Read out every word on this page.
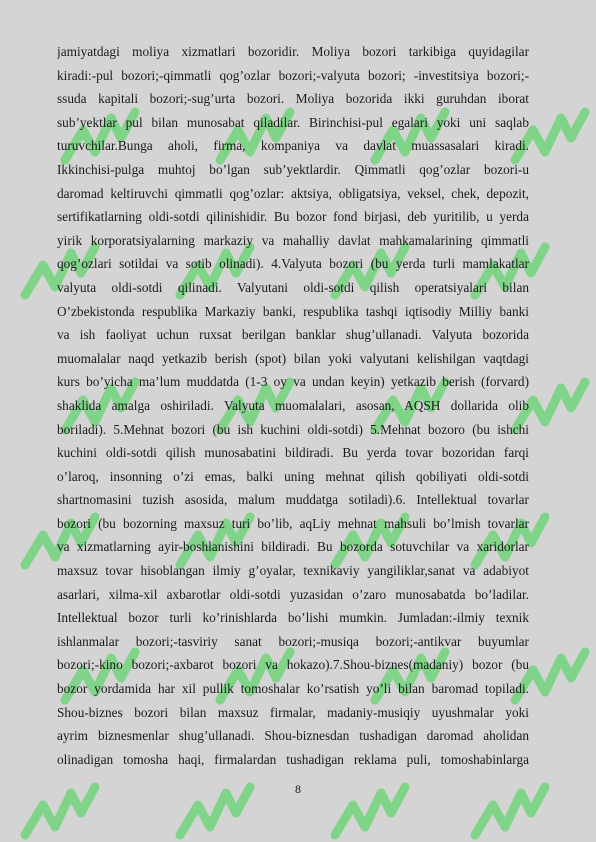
jamiyatdagi moliya xizmatlari bozoridir. Moliya bozori tarkibiga quyidagilar
kiradi:-pul bozori;-qimmatli qog’ozlar bozori;-valyuta bozori; -investitsiya bozori;-
ssuda kapitali bozori;-sug’urta bozori. Moliya bozorida ikki guruhdan iborat
sub’yektlar pul bilan munosabat qiladilar. Birinchisi-pul egalari yoki uni saqlab
turuvchilar.Bunga aholi, firma, kompaniya va davlat muassasalari kiradi.
Ikkinchisi-pulga muhtoj bo’lgan sub’yektlardir. Qimmatli qog’ozlar bozori-u
daromad keltiruvchi qimmatli qog’ozlar: aktsiya, obligatsiya, veksel, chek, depozit,
sertifikatlarning oldi-sotdi qilinishidir. Bu bozor fond birjasi, deb yuritilib, u yerda
yirik korporatsiyalarning markaziy va mahalliy davlat mahkamalarining qimmatli
qog’ozlari sotildai va sotib olinadi). 4.Valyuta bozori (bu yerda turli mamlakatlar
valyuta oldi-sotdi qilinadi. Valyutani oldi-sotdi qilish operatsiyalari bilan
O’zbekistonda respublika Markaziy banki, respublika tashqi iqtisodiy Milliy banki
va ish faoliyat uchun ruxsat berilgan banklar shug’ullanadi. Valyuta bozorida
muomalalar naqd yetkazib berish (spot) bilan yoki valyutani kelishilgan vaqtdagi
kurs bo’yicha ma’lum muddatda (1-3 oy va undan keyin) yetkazib berish (forvard)
shaklida amalga oshiriladi. Valyuta muomalalari, asosan, AQSH dollarida olib
boriladi). 5.Mehnat bozori (bu ish kuchini oldi-sotdi) 5.Mehnat bozoro (bu ishchi
kuchini oldi-sotdi qilish munosabatini bildiradi. Bu yerda tovar bozoridan farqi
o’laroq, insonning o’zi emas, balki uning mehnat qilish qobiliyati oldi-sotdi
shartnomasini tuzish asosida, malum muddatga sotiladi).6. Intellektual tovarlar
bozori (bu bozorning maxsuz turi bo’lib, aqLiy mehnat mahsuli bo’lmish tovarlar
va xizmatlarning ayir-boshlanishini bildiradi. Bu bozorda sotuvchilar va xaridorlar
maxsuz tovar hisoblangan ilmiy g’oyalar, texnikaviy yangiliklar,sanat va adabiyot
asarlari, xilma-xil axbarotlar oldi-sotdi yuzasidan o’zaro munosabatda bo’ladilar.
Intellektual bozor turli ko’rinishlarda bo’lishi mumkin. Jumladan:-ilmiy texnik
ishlanmalar bozori;-tasviriy sanat bozori;-musiqa bozori;-antikvar buyumlar
bozori;-kino bozori;-axbarot bozori va hokazo).7.Shou-biznes(madaniy) bozor (bu
bozor yordamida har xil pullik tomoshalar ko’rsatish yo’li bilan baromad topiladi.
Shou-biznes bozori bilan maxsuz firmalar, madaniy-musiqiy uyushmalar yoki
ayrim biznesmenlar shug’ullanadi. Shou-biznesdan tushadigan daromad aholidan
olinadigan tomosha haqi, firmalardan tushadigan reklama puli, tomoshabinlarga
8
